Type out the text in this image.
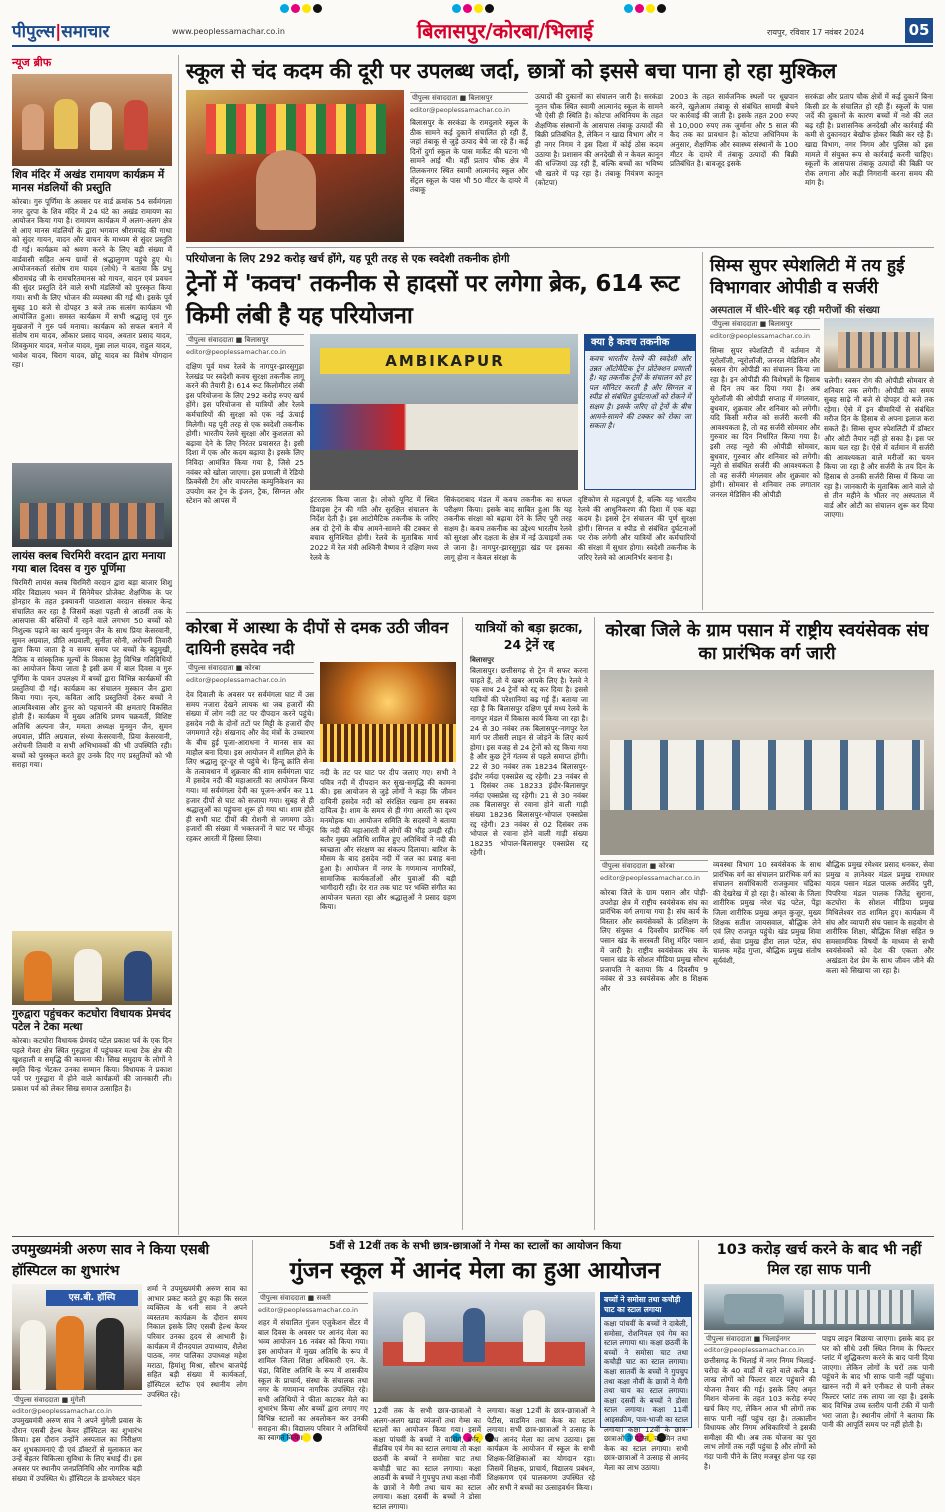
पीपुल्स|समाचार	www.peoplessamachar.co.in	बिलासपुर/कोरबा/भिलाई	रायपुर, रविवार 17 नवंबर 2024	05
न्यूज ब्रीफ
शिव मंदिर में अखंड रामायण कार्यक्रम में मानस मंडलियों की प्रस्तुति
कोरबा। गुरु पूर्णिमा के अवसर पर वार्ड क्रमांक 54 सर्वमंगला नगर दुरपा के शिव मंदिर में 24 घंटे का अखंड रामायण का आयोजन किया गया है। रामायण कार्यक्रम में अलग-अलग क्षेत्र से आए मानस मंडलियों के द्वारा भगवान श्रीरामचंद्र की गाथा को सुंदर गायन, वादन और वाचन के माध्यम से सुंदर प्रस्तुति दी गई। कार्यक्रम को श्रवण करने के लिए बड़ी संख्या में वार्डवासी सहित अन्य ग्रामों से श्रद्धालुगण पहुंचे हुए थे। आयोजनकर्ता संतोष राम यादव (लोधे) ने बताया कि प्रभु श्रीरामचंद्र जी के रामचरितमानस को गायन, वादन एवं प्रवचन की सुंदर प्रस्तुति देने वाले सभी मंडलियों को पुरस्कृत किया गया। सभी के लिए भोजन की व्यवस्था की गई थी। इसके पूर्व सुबह 10 बजे से दोपहर 3 बजे तक सत्संग कार्यक्रम भी आयोजित हुआ। समस्त कार्यक्रम में सभी श्रद्धालु एवं गुरु मुखजनों ने गुरु पर्व मनाया। कार्यक्रम को सफल बनाने में संतोष राम यादव, ओंकार प्रसाद यादव, अवतार प्रसाद यादव, शिवकुमार यादव, मनोज यादव, मुन्ना लाल यादव, राहुल यादव, भावेश यादव, चिराग यादव, छोटू यादव का विशेष योगदान रहा।
लायंस क्लब चिरमिरी वरदान द्वारा मनाया गया बाल दिवस व गुरु पूर्णिमा
चिरमिरी लायंस क्लब चिरमिरी वरदान द्वारा बड़ा बाजार शिशु मंदिर विद्यालय भवन में सिनेमैचर प्रोजेक्ट शैक्षणिक के पर होनहार के तहत इक्यावनी पाठशाला वरदान संस्कार केन्द्र संचालित कर रहा है जिसमें कक्षा पहली से आठवीं तक के आसपास की बस्तियों में रहने वाले लगभग 50 बच्चों को निशुल्क पढ़ाने का कार्य मुनमुन जैन के साथ प्रिया केसरवानी, सुमन अग्रवाल, प्रीति अग्रवाली, सुनीता सोनी, अरोचनी तिवारी द्वारा किया जाता है व समय समय पर बच्चों के बहुमुखी, नैतिक व सांस्कृतिक मूल्यों के विकास हेतु विभिन्न गतिविधियों का आयोजन किया जाता है इसी क्रम में बाल दिवस व गुरु पूर्णिमा के पावन उपलक्ष्य में बच्चों द्वारा विभिन्न कार्यक्रमों की प्रस्तुतियां दी गई। कार्यक्रम का संचालन मुस्कान जैन द्वारा किया गया। नृत्य, कविता आदि प्रस्तुतियों देकर बच्चों ने आत्मविश्वास और हुनर को पहचानने की क्षमताएं विकसित होती हैं। कार्यक्रम में मुख्य अतिथि प्रणय चक्रवर्ती, विशिष्ट अतिथि अल्पना जैन, ममता अध्यक्ष मुनमुन जैन, सुमन अग्रवाल, प्रीति अग्रवाल, संध्या केसरवानी, प्रिया केसरवानी, अरोचनी तिवारी व सभी अभिभावकों की भी उपस्थिति रही। बच्चों को पुरस्कृत करते हुए उनके दिए गए प्रस्तुतियों को भी सराहा गया।
गुरुद्वारा पहुंचकर कटघोरा विधायक प्रेमचंद पटेल ने टेका मत्था
कोरबा। कटघोरा विधायक प्रेमचंद पटेल प्रकाश पर्व के एक दिन पहले गेवरा क्षेत्र स्थित गुरुद्वारा में पहुंचकर मत्था टेक क्षेत्र की खुशहाली व समृद्धि की कामना की। सिख समुदाय के लोगों ने स्मृति चिन्ह भेंटकर उनका सम्मान किया। विधायक ने प्रकाश पर्व पर गुरुद्वारा में होने वाले कार्यक्रमों की जानकारी ली। प्रकाश पर्व को लेकर सिख समाज उत्साहित है।
स्कूल से चंद कदम की दूरी पर उपलब्ध जर्दा, छात्रों को इससे बचा पाना हो रहा मुश्किल
पीपुल्स संवाददाता ■ बिलासपुर
editor@peoplessamachar.co.in
बिलासपुर के सरकंडा के रामदुलारे स्कूल के ठीक सामने कई दुकानें संचालित हो रही हैं, जहां तंबाकू से जुड़े उत्पाद बेचे जा रहे हैं। कई दिनों दुर्गा स्कूल के पास मार्केट की घटना भी सामने आई थी। वहीं प्रताप चौक क्षेत्र में तिलकनगर स्थित स्वामी आत्मानंद स्कूल और सेंट्रल स्कूल के पास भी 50 मीटर के दायरे में तंबाकू
उत्पादों की दुकानों का संचालन जारी है। सरकंडा नूतन चौक स्थित स्वामी आत्मानंद स्कूल के सामने भी ऐसी ही स्थिति है। कोटपा अधिनियम के तहत शैक्षणिक संस्थानों के आसपास तंबाकू उत्पादों की बिक्री प्रतिबंधित है, लेकिन न खाद्य विभाग और न ही नगर निगम ने इस दिशा में कोई ठोस कदम उठाया है। प्रशासन की अनदेखी से न केवल कानून की धज्जियां उड़ रही हैं, बल्कि बच्चों का भविष्य भी खतरे में पड़ रहा है। तंबाकू नियंत्रण कानून (कोटपा)
2003 के तहत सार्वजनिक स्थलों पर धूम्रपान करने, खुलेआम तंबाकू से संबंधित सामग्री बेचने पर कार्रवाई की जाती है। इसके तहत 200 रुपए से 10,000 रुपए तक जुर्माना और 5 साल की कैद तक का प्रावधान है। कोटपा अधिनियम के अनुसार, शैक्षणिक और स्वास्थ्य संस्थानों के 100 मीटर के दायरे में तंबाकू उत्पादों की बिक्री प्रतिबंधित है। बावजूद इसके
सरकंडा और प्रताप चौक क्षेत्रों में कई दुकानें बिना किसी डर के संचालित हो रही हैं। स्कूलों के पास जर्दे की दुकानों के कारण बच्चों में नशे की लत बढ़ रही है। प्रशासनिक अनदेखी और कार्रवाई की कमी से दुकानदार बेखौफ होकर बिक्री कर रहे हैं। खाद्य विभाग, नगर निगम और पुलिस को इस मामले में संयुक्त रूप से कार्रवाई करनी चाहिए। स्कूलों के आसपास तंबाकू उत्पादों की बिक्री पर रोक लगाना और कड़ी निगरानी करना समय की मांग है।
परियोजना के लिए 292 करोड़ खर्च होंगे, यह पूरी तरह से एक स्वदेशी तकनीक होगी
ट्रेनों में 'कवच' तकनीक से हादसों पर लगेगा ब्रेक, 614 रूट किमी लंबी है यह परियोजना
पीपुल्स संवाददाता ■ बिलासपुर
editor@peoplessamachar.co.in
दक्षिण पूर्व मध्य रेलवे के नागपुर-झारसुगुड़ा रेलखंड पर स्वदेशी कवच सुरक्षा तकनीक लागू करने की तैयारी है। 614 रूट किलोमीटर लंबी इस परियोजना के लिए 292 करोड़ रुपए खर्च होंगे। इस परियोजना से यात्रियों और रेलवे कर्मचारियों की सुरक्षा को एक नई ऊंचाई मिलेगी। यह पूरी तरह से एक स्वदेशी तकनीक होगी। भारतीय रेलवे सुरक्षा और कुशलता को बढ़ावा देने के लिए निरंतर प्रयासरत है। इसी दिशा में एक और कदम बढ़ाया है। इसके लिए निविदा आमंत्रित किया गया है, जिसे 25 नवंबर को खोला जाएगा। इस प्रणाली में रेडियो फ्रिक्वेंसी टैग और वायरलेस कम्युनिकेशन का उपयोग कर ट्रेन के इंजन, ट्रैक, सिग्नल और स्टेशन को आपस में
AMBIKAPUR
क्या है कवच तकनीक
कवच भारतीय रेलवे की स्वदेशी और उन्नत ऑटोमैटिक ट्रेन प्रोटेक्शन प्रणाली है। यह तकनीक ट्रेनों के संचालन को हर पल मॉनिटर करती है और सिग्नल व स्पीड से संबंधित दुर्घटनाओं को रोकने में सक्षम है। इसके जरिए दो ट्रेनों के बीच आमने-सामने की टक्कर को रोका जा सकता है।
इंटरलाक किया जाता है। लोको यूनिट में स्थित डिवाइस ट्रेन की गति और सुरक्षित संचालन के निर्देश देती है। इस आटोमैटिक तकनीक के जरिए अब दो ट्रेनों के बीच आमने-सामने की टक्कर से बचाव सुनिश्चित होगी। रेलवे के मुताबिक मार्च 2022 में रेल मंत्री अश्विनी वैष्णव ने दक्षिण मध्य रेलवे के
सिकंदराबाद मंडल में कवच तकनीक का सफल परीक्षण किया। इसके बाद साबित हुआ कि यह तकनीक संरक्षा को बढ़ावा देने के लिए पूरी तरह सक्षम है। कवच तकनीक का उद्देश्य भारतीय रेलवे को सुरक्षा और दक्षता के क्षेत्र में नई ऊंचाइयों तक ले जाना है। नागपुर-झारसुगुड़ा खंड पर इसका लागू होना न केवल संरक्षा के
दृष्टिकोण से महत्वपूर्ण है, बल्कि यह भारतीय रेलवे की आधुनिकरण की दिशा में एक बड़ा कदम है। इससे ट्रेन संचालन की पूर्ण सुरक्षा होगी। सिग्नल व स्पीड से संबंधित दुर्घटनाओं पर रोक लगेगी और यात्रियों और कर्मचारियों की संरक्षा में सुधार होगा। स्वदेशी तकनीक के जरिए रेलवे को आत्मनिर्भर बनाना है।
सिम्स सुपर स्पेशलिटी में तय हुई विभागवार ओपीडी व सर्जरी
अस्पताल में धीरे-धीरे बढ़ रही मरीजों की संख्या
पीपुल्स संवाददाता ■ बिलासपुर
editor@peoplessamachar.co.in
सिम्स सुपर स्पेशलिटी में वर्तमान में यूरोलॉजी, न्यूरोलॉजी, जनरल मेडिसिन और स्वसन रोग ओपीडी का संचालन किया जा रहा है। इन ओपीडी की विशेषज्ञों के हिसाब से दिन तय कर दिया गया है। अब यूरोलॉजी की ओपीडी सप्ताह में मंगलवार, बुधवार, शुक्रवार और शनिवार को लगेगी। यदि किसी मरीज को सर्जरी करनी की आवश्यकता है, तो वह सर्जरी सोमवार और गुरुवार का दिन निर्धारित किया गया है। इसी तरह न्यूरो की ओपीडी सोमवार, बुधवार, गुरुवार और शनिवार को लगेगी। न्यूरो से संबंधित सर्जरी की आवश्यकता है तो वह सर्जरी मंगलवार और शुक्रवार को होगी। सोमवार से शनिवार तक लगातार जनरल मेडिसिन की ओपीडी
चलेगी। स्वसन रोग की ओपीडी सोमवार से शनिवार तक लगेगी। ओपीडी का समय सुबह साढ़े नौ बजे से दोपहर दो बजे तक रहेगा। ऐसे में इन बीमारियों से संबंधित मरीज दिन के हिसाब से अपना इलाज करा सकते हैं। सिम्स सुपर स्पेशलिटी में डॉक्टर और ओटी तैयार नहीं हो सका है। इस पर काम चल रहा है। ऐसे में वर्तमान में सर्जरी की आवश्यकता वाले मरीजों का चयन किया जा रहा है और सर्जरी के तय दिन के हिसाब से उनकी सर्जरी सिम्स में किया जा रहा है। जानकारी के मुताबिक आने वाले दो से तीन महीने के भीतर नए अस्पताल में वार्ड और ओटी का संचालन शुरू कर दिया जाएगा।
कोरबा में आस्था के दीपों से दमक उठी जीवन दायिनी हसदेव नदी
पीपुल्स संवाददाता ■ कोरबा
editor@peoplessamachar.co.in
देव दिवाली के अवसर पर सर्वमंगला घाट में उस समय नजारा देखने लायक था जब हजारों की संख्या में लोग नदी तट पर दीपदान करने पहुंचे। हसदेव नदी के दोनों तटों पर मिट्टी के हजारों दीए जगमगाते रहे। संखनाद और वेद मंत्रों के उच्चारण के बीच हुई पूजा-आराधना ने मानस सत्र का माहौल बना दिया। इस आयोजन में शामिल होने के लिए श्रद्धालु दूर-दूर से पहुंचे थे। हिन्दू क्रांति सेना के तत्वावधान में शुक्रवार की शाम सर्वमंगला घाट में हसदेव नदी की महाआरती का आयोजन किया गया। मां सर्वमंगला देवी का पूजन-अर्चन कर 11 हजार दीपों से घाट को सजाया गया। सुबह से ही श्रद्धालुओं का पहुंचना शुरू हो गया था। शाम होते ही सभी घाट दीयों की रोशनी से जगमगा उठे। हजारों की संख्या में भक्तजनों ने घाट पर मौजूद रहकर आरती में हिस्सा लिया।
नदी के तट पर घाट पर दीप जलाए गए। सभी ने पवित्र नदी में दीपदान कर सुख-समृद्धि की कामना की। इस आयोजन से जुड़े लोगों ने कहा कि जीवन दायिनी हसदेव नदी को संरक्षित रखना हम सबका दायित्व है। शाम के समय से ही गंगा आरती का दृश्य मनमोहक था। आयोजन समिति के सदस्यों ने बताया कि नदी की महाआरती में लोगों की भीड़ उमड़ी रही। बतौर मुख्य अतिथि शामिल हुए अतिथियों ने नदी की स्वच्छता और संरक्षण का संकल्प दिलाया। बारिश के मौसम के बाद हसदेव नदी में जल का प्रवाह बना हुआ है। आयोजन में नगर के गणमान्य नागरिकों, सामाजिक कार्यकर्ताओं और युवाओं की बड़ी भागीदारी रही। देर रात तक घाट पर भक्ति संगीत का आयोजन चलता रहा और श्रद्धालुओं ने प्रसाद ग्रहण किया।
यात्रियों को बड़ा झटका, 24 ट्रेनें रद्द
बिलासपुर
बिलासपुर। छत्तीसगढ़ से ट्रेन में सफर करना चाहते हैं, तो ये खबर आपके लिए है। रेलवे ने एक साथ 24 ट्रेनों को रद्द कर दिया है। इससे यात्रियों की परेशानियां बढ़ गई हैं। बताया जा रहा है कि बिलासपुर दक्षिण पूर्व मध्य रेलवे के नागपुर मंडल में विकास कार्य किया जा रहा है। 24 से 30 नवंबर तक बिलासपुर-नागपुर रेल मार्ग पर तीसरी लाइन से जोड़ने के लिए कार्य होगा। इस वजह से 24 ट्रेनों को रद्द किया गया है और कुछ ट्रेनें गंतव्य से पहले समाप्त होंगी। 22 से 30 नवंबर तक 18234 बिलासपुर-इंदौर नर्मदा एक्सप्रेस रद्द रहेगी। 23 नवंबर से 1 दिसंबर तक 18233 इंदौर-बिलासपुर नर्मदा एक्सप्रेस रद्द रहेगी। 21 से 30 नवंबर तक बिलासपुर से रवाना होने वाली गाड़ी संख्या 18236 बिलासपुर-भोपाल एक्सप्रेस रद्द रहेगी। 23 नवंबर से 02 दिसंबर तक भोपाल से रवाना होने वाली गाड़ी संख्या 18235 भोपाल-बिलासपुर एक्सप्रेस रद्द रहेगी।
कोरबा जिले के ग्राम पसान में राष्ट्रीय स्वयंसेवक संघ का प्रारंभिक वर्ग जारी
पीपुल्स संवाददाता ■ कोरबा
editor@peoplessamachar.co.in
कोरबा जिले के ग्राम पसान और पोड़ी-उपरोड़ा क्षेत्र में राष्ट्रीय स्वयंसेवक संघ का प्रारंभिक वर्ग लगाया गया है। संघ कार्य के विस्तार और स्वयंसेवकों के प्रशिक्षण के लिए संयुक्त 4 दिवसीय प्रारंभिक वर्ग पसान खंड के सरस्वती शिशु मंदिर पसान में जारी है। राष्ट्रीय स्वयंसेवक संघ के पसान खंड के सोशल मीडिया प्रमुख सौरभ प्रजापति ने बताया कि 4 दिवसीय 9 नवंबर से 33 स्वयंसेवक और 8 शिक्षक और
व्यवस्था विभाग 10 स्वयंसेवक के साथ प्रारंभिक वर्ग का संचालन प्रारंभिक वर्ग का संचालन सर्वाधिकारी राजकुमार चंद्रिका की देखरेख में हो रहा है। कोरबा के जिला शारीरिक प्रमुख नरेश चंद्र पटेल, पेंड्रा जिला शारीरिक प्रमुख अमृत कुजूर, मुख्य शिक्षक सतीश जायसवाल, बौद्धिक लेने एवं लिए राजपूत पहुंचे। खंड प्रमुख शिवा शर्मा, सेवा प्रमुख हीरा लाल पटेल, संघ चालक महेंद्र गुप्ता, बौद्धिक प्रमुख संतोष सूर्यवंशी,
बौद्धिक प्रमुख रमेश्वर प्रसाद धनकर, सेवा प्रमुख व ज्ञानेश्वर मंडल प्रमुख रामधार यादव पसान मंडल पालक अरविंद पुरी, पिपरिया मंडल पालक जितेंद्र सुराना, कटघोरा के सोशल मीडिया प्रमुख मिथिलेश्वर राठ शामिल हुए। कार्यक्रम में संघ और व्यापारी संघ पसान के सहयोग से शारीरिक शिक्षा, बौद्धिक शिक्षा सहित 9 समसामयिक विषयों के माध्यम से सभी स्वयंसेवकों को देश की एकता और अखंडता देश प्रेम के साथ जीवन जीने की कला को सिखाया जा रहा है।
उपमुख्यमंत्री अरुण साव ने किया एसबी हॉस्पिटल का शुभारंभ
एस.बी. हॉस्पि
पीपुल्स संवाददाता ■ मुंगेली
editor@peoplessamachar.co.in
उपमुख्यमंत्री अरुण साव ने अपने मुंगेली प्रवास के दौरान एसबी हेल्थ केयर हॉस्पिटल का शुभारंभ किया। इस दौरान उन्होंने अस्पताल का निरीक्षण कर शुभकामनाएं दी एवं डॉक्टरों से मुलाकात कर उन्हें बेहतर चिकित्सा सुविधा के लिए बधाई दी। इस अवसर पर स्थानीय जनप्रतिनिधि और नागरिक बड़ी संख्या में उपस्थित थे। हॉस्पिटल के डायरेक्टर चंदन
शर्मा ने उपमुख्यमंत्री अरुण साव का आभार प्रकट करते हुए कहा कि सरल व्यक्तित्व के धनी साव ने अपने व्यस्ततम कार्यक्रम के दौरान समय निकाल इसके लिए एसबी हेल्थ केयर परिवार उनका हृदय से आभारी है। कार्यक्रम में दीनदयाल उपाध्याय, शैलेश पाठक, नगर पालिका उपाध्यक्ष महेश मराठा, हिमांशु मिश्रा, सौरभ बाजपेई सहित बड़ी संख्या में कार्यकर्ता, हॉस्पिटल स्टॉफ एवं स्थानीय लोग उपस्थित रहे।
5वीं से 12वीं तक के सभी छात्र-छात्राओं ने गेम्स का स्टालों का आयोजन किया
गुंजन स्कूल में आनंद मेला का हुआ आयोजन
पीपुल्स संवाददाता ■ सक्ती
editor@peoplessamachar.co.in
शहर में संचालित गुंजन एजुकेशन सेंटर में बाल दिवस के अवसर पर आनंद मेला का भव्य आयोजन 16 नवंबर को किया गया। इस आयोजन में मुख्य अतिथि के रूप में शामिल जिला शिक्षा अधिकारी एन. के. चंद्रा, विशिष्ट अतिथि के रूप में शासकीय स्कूल के प्राचार्य, संस्था के संचालक तथा नगर के गणमान्य नागरिक उपस्थित रहे। सभी अतिथियों ने फीता काटकर मेले का शुभारंभ किया और बच्चों द्वारा लगाए गए विभिन्न स्टालों का अवलोकन कर उनकी सराहना की। विद्यालय परिवार ने अतिथियों का स्वागत किया।
बच्चों ने समोसा तथा कचौड़ी चाट का स्टाल लगाया
कक्षा पांचवीं के बच्चों ने दाबेली, समोसा, रोशनियल एवं गेम का स्टाल लगाया था। कक्षा छठवीं के बच्चों ने समोसा चाट तथा कचौड़ी चाट का स्टाल लगाया। कक्षा सातवीं के बच्चों ने गुपचुप तथा कक्षा नौवीं के छात्रों ने मैगी तथा चाय का स्टाल लगाया। कक्षा दसवीं के बच्चों ने डोसा स्टाल लगाया। कक्षा 11वीं आइसक्रीम, पाव-भाजी का स्टाल लगाया। कक्षा 12वीं के छात्र-छात्राओं ने पेटीस, वाडमिन तथा केक का स्टाल लगाया। सभी छात्र-छात्राओं ने उत्साह से आनंद मेला का लाभ उठाया।
12वीं तक के सभी छात्र-छात्राओं ने अलग-अलग खाद्य व्यंजनों तथा गेम्स का स्टालों का आयोजन किया गया। इसमें कक्षा पांचवीं के बच्चों ने वाशिंग, बर्गर, सैंडविच एवं गेम का स्टाल लगाया तो कक्षा छठवीं के बच्चों ने समोसा चाट तथा कचौड़ी चाट का स्टाल लगाया। कक्षा आठवीं के बच्चों ने गुपचुप तथा कक्षा नौवीं के छात्रों ने मैगी तथा चाय का स्टाल लगाया। कक्षा दसवीं के बच्चों ने डोसा स्टाल लगाया।
लगाया। कक्षा 12वीं के छात्र-छात्राओं ने पेटीस, वाडमिन तथा केक का स्टाल लगाया। सभी छात्र-छात्राओं ने उत्साह के साथ आनंद मेला का लाभ उठाया। इस कार्यक्रम के आयोजन में स्कूल के सभी शिक्षक-शिक्षिकाओं का योगदान रहा। जिसमें शिक्षक, प्राचार्य, विद्यालय प्रबंधन, शिक्षकगण एवं पालकगण उपस्थित रहे और सभी ने बच्चों का उत्साहवर्धन किया।
103 करोड़ खर्च करने के बाद भी नहीं मिल रहा साफ पानी
पीपुल्स संवाददाता ■ भिलाईनगर
editor@peoplessamachar.co.in
छत्तीसगढ़ के भिलाई में नगर निगम भिलाई-चरोदा के 40 वार्डों में रहने वाले करीब 1 लाख लोगों को फिल्टर वाटर पहुंचाने की योजना तैयार की गई। इसके लिए अमृत मिशन योजना के तहत 103 करोड़ रुपए खर्च किए गए, लेकिन आज भी लोगों तक साफ पानी नहीं पहुंच रहा है। तत्कालीन विधायक और निगम अधिकारियों ने इसकी समीक्षा की थी। अब तक योजना का पूरा लाभ लोगों तक नहीं पहुंचा है और लोगों को गंदा पानी पीने के लिए मजबूर होना पड़ रहा है।
पाइप लाइन बिछाया जाएगा। इसके बाद हर घर को सीधे उसी स्थित निगम के फिल्टर प्लांट में शुद्धिकरण करने के बाद पानी दिया जाएगा। लेकिन लोगों के घरों तक पानी पहुंचने के बाद भी साफ पानी नहीं पहुंचा। खारुन नदी में बने एनीकट से पानी लेकर फिल्टर प्लांट तक लाया जा रहा है। इसके बाद विभिन्न उच्च स्तरीय पानी टंकी में पानी भरा जाता है। स्थानीय लोगों ने बताया कि पानी की आपूर्ति समय पर नहीं होती है।
